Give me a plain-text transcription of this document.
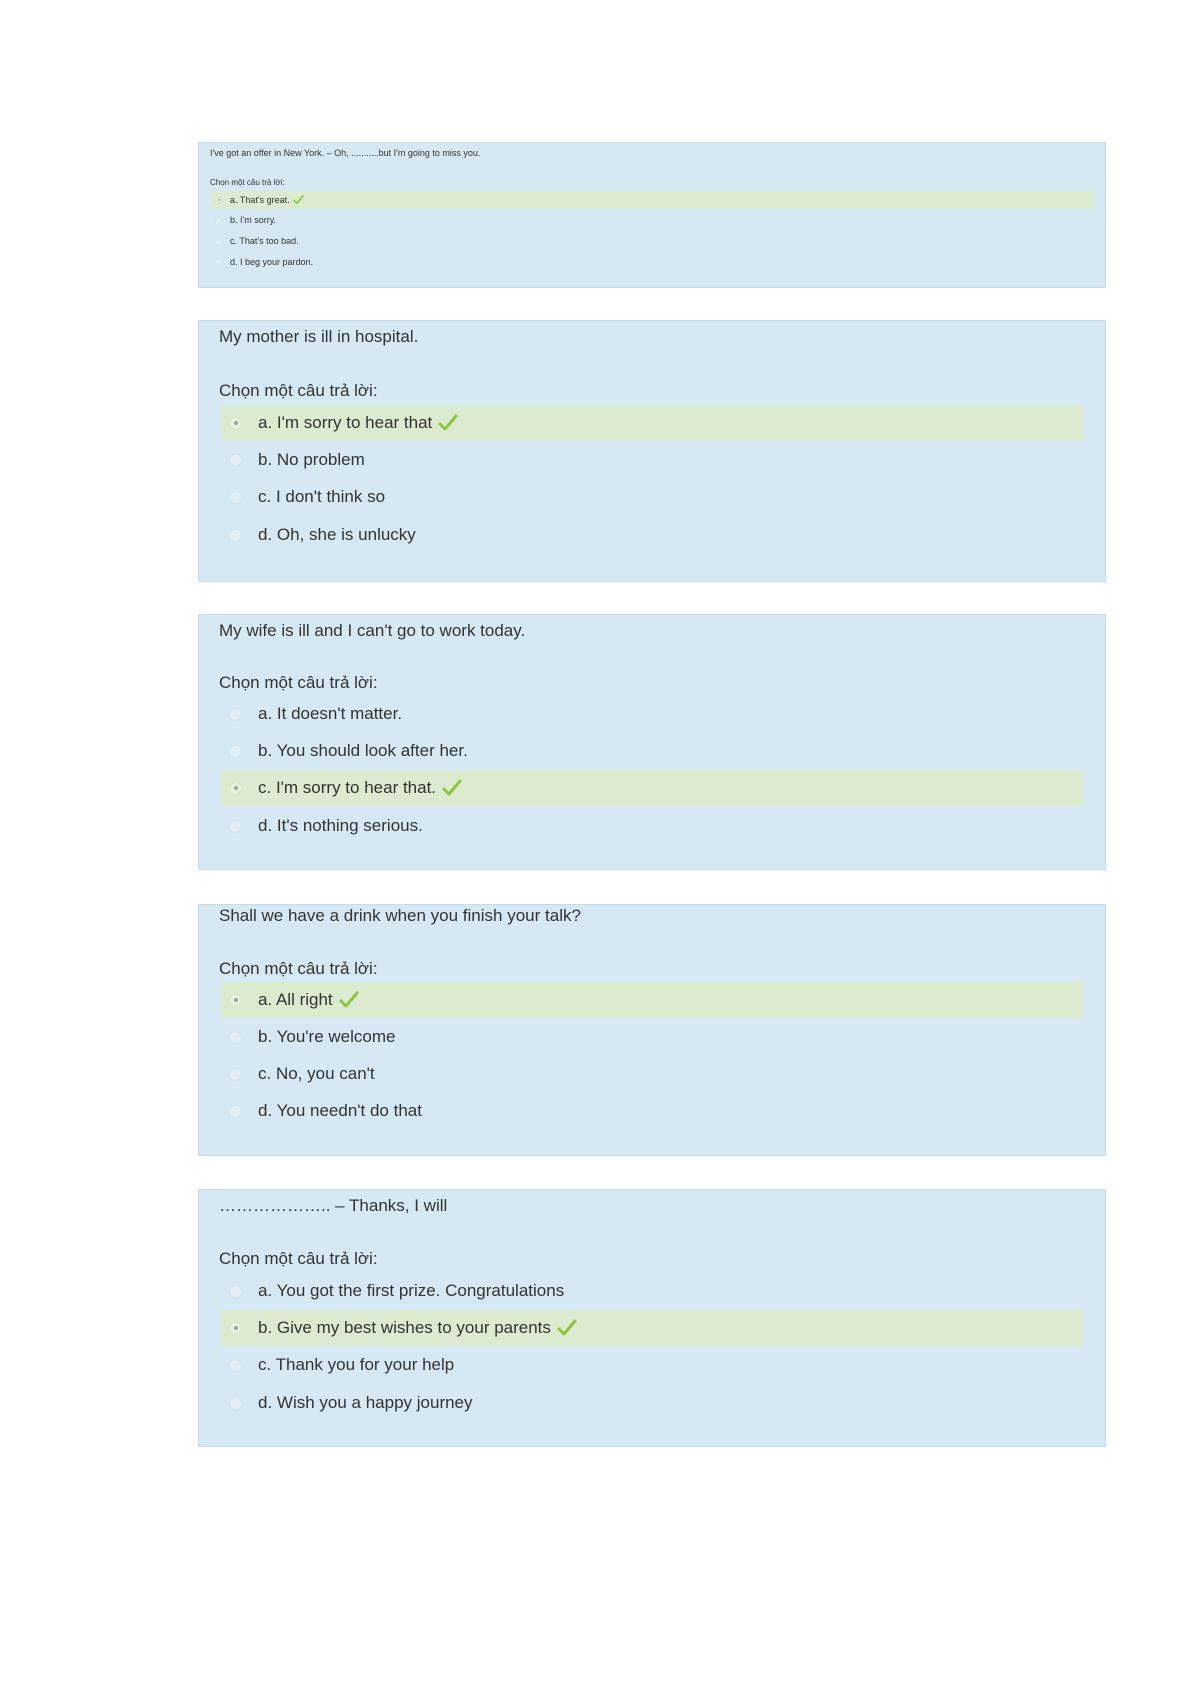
I've got an offer in New York. – Oh, ...........but I'm going to miss you.
Chọn một câu trả lời:
a. That's great.
b. I'm sorry.
c. That's too bad.
d. I beg your pardon.
My mother is ill in hospital.
Chọn một câu trả lời:
a. I'm sorry to hear that
b. No problem
c. I don't think so
d. Oh, she is unlucky
My wife is ill and I can't go to work today.
Chọn một câu trả lời:
a. It doesn't matter.
b. You should look after her.
c. I'm sorry to hear that.
d. It's nothing serious.
Shall we have a drink when you finish your talk?
Chọn một câu trả lời:
a. All right
b. You're welcome
c. No, you can't
d. You needn't do that
……………….. – Thanks, I will
Chọn một câu trả lời:
a. You got the first prize. Congratulations
b. Give my best wishes to your parents
c. Thank you for your help
d. Wish you a happy journey
